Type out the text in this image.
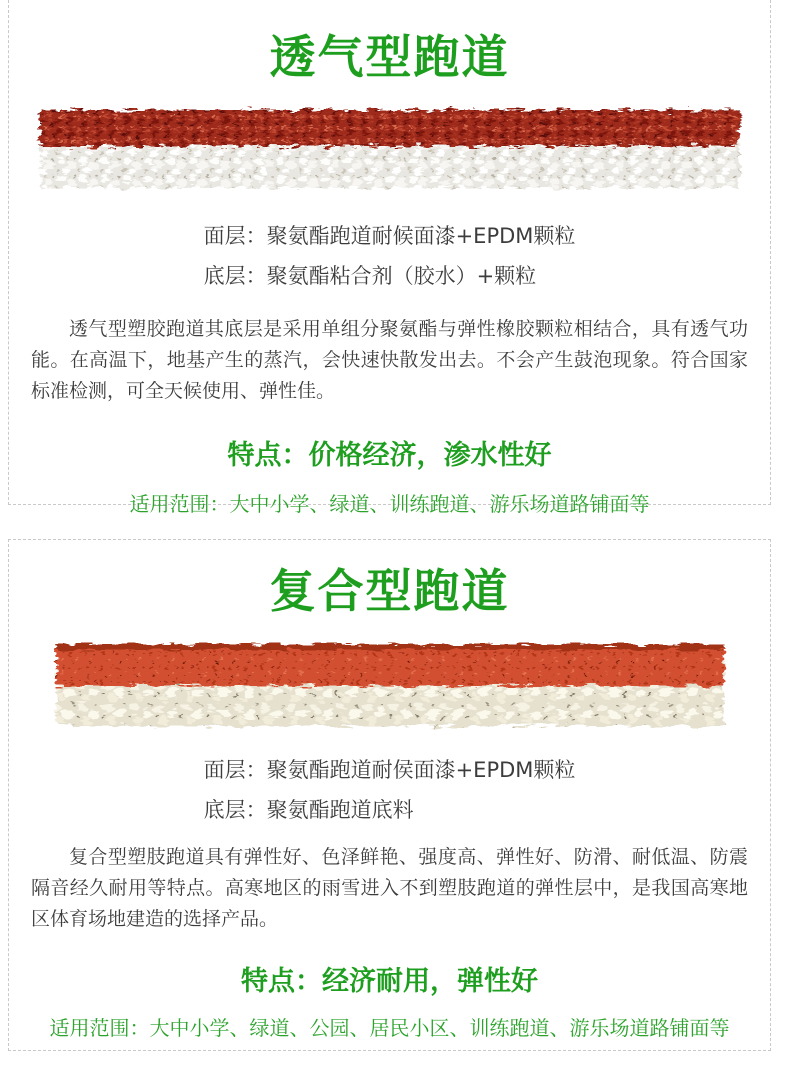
透气型跑道
面层：聚氨酯跑道耐候面漆+EPDM颗粒
底层：聚氨酯粘合剂（胶水）+颗粒

透气型塑胶跑道其底层是采用单组分聚氨酯与弹性橡胶颗粒相结合，具有透气功能。在高温下，地基产生的蒸汽，会快速快散发出去。不会产生鼓泡现象。符合国家标准检测，可全天候使用、弹性佳。

特点：价格经济，渗水性好
适用范围：大中小学、绿道、训练跑道、游乐场道路铺面等
复合型跑道
面层：聚氨酯跑道耐侯面漆+EPDM颗粒
底层：聚氨酯跑道底料

复合型塑肢跑道具有弹性好、色泽鲜艳、强度高、弹性好、防滑、耐低温、防震隔音经久耐用等特点。高寒地区的雨雪进入不到塑肢跑道的弹性层中，是我国高寒地区体育场地建造的选择产品。

特点：经济耐用，弹性好
适用范围：大中小学、绿道、公园、居民小区、训练跑道、游乐场道路铺面等
